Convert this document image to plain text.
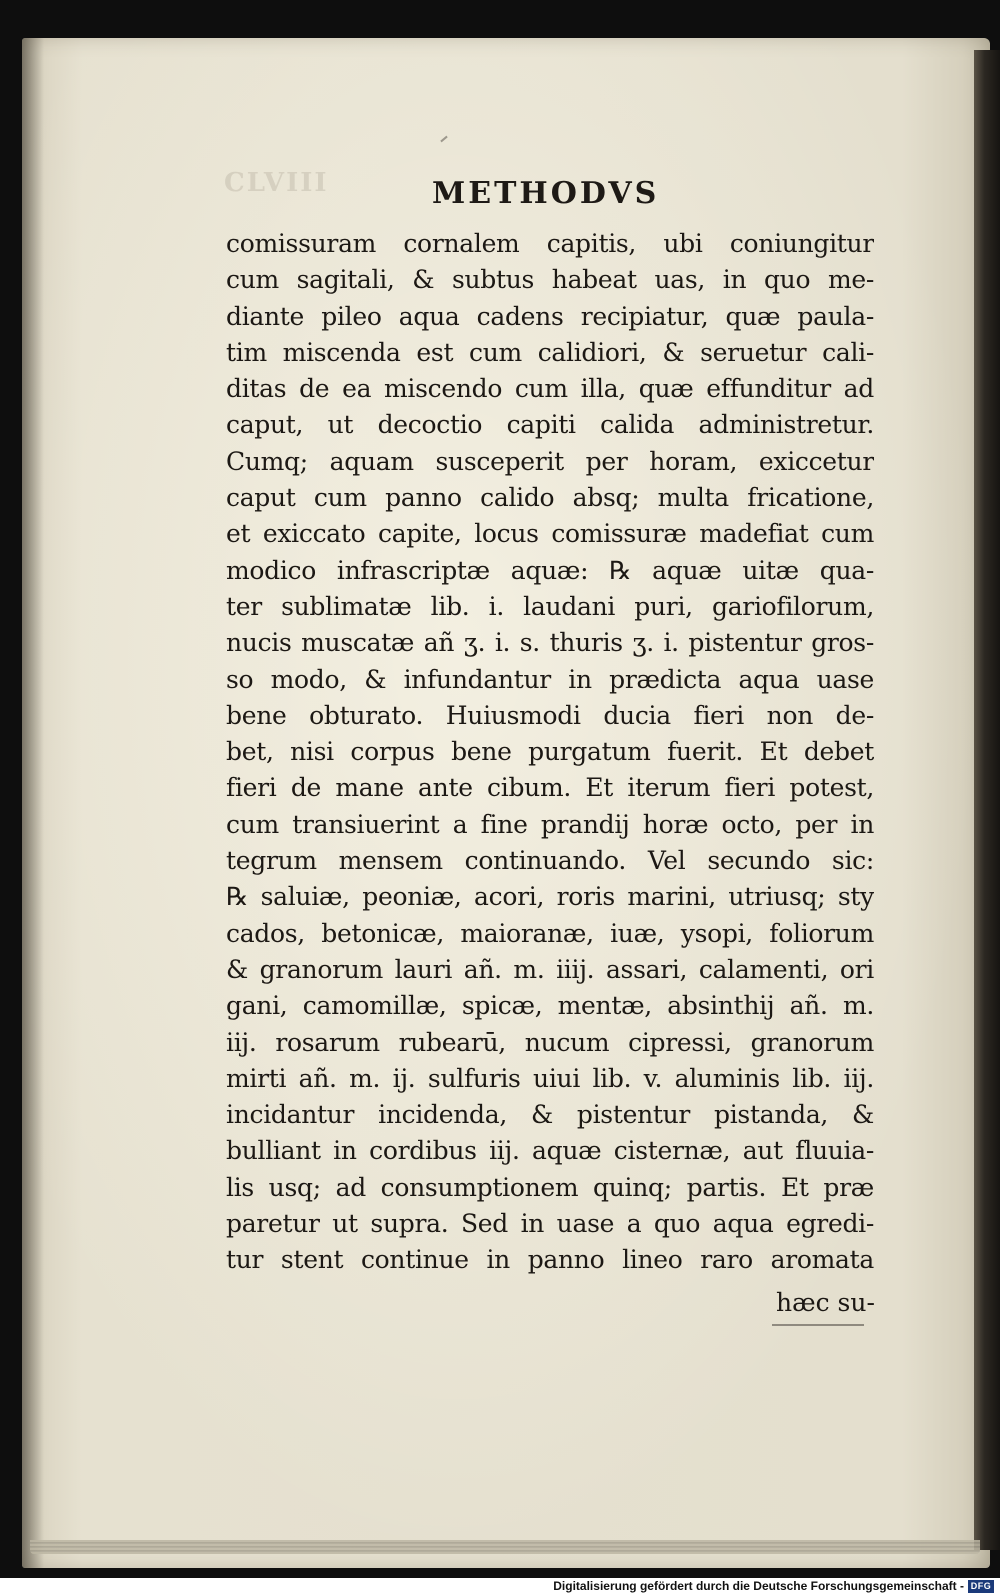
CLVIII	METHODVS
comissuram cornalem capitis, ubi coniungitur
cum sagitali, & subtus habeat uas, in quo me-
diante pileo aqua cadens recipiatur, quæ paula-
tim miscenda est cum calidiori, & seruetur cali-
ditas de ea miscendo cum illa, quæ effunditur ad
caput, ut decoctio capiti calida administretur.
Cumq; aquam susceperit per horam, exiccetur
caput cum panno calido absq; multa fricatione,
et exiccato capite, locus comissuræ madefiat cum
modico infrascriptæ aquæ: ℞ aquæ uitæ qua-
ter sublimatæ lib. i. laudani puri, gariofilorum,
nucis muscatæ añ ʒ. i. s. thuris ʒ. i. pistentur gros-
so modo, & infundantur in prædicta aqua uase
bene obturato. Huiusmodi ducia fieri non de-
bet, nisi corpus bene purgatum fuerit. Et debet
fieri de mane ante cibum. Et iterum fieri potest,
cum transiuerint a fine prandij horæ octo, per in
tegrum mensem continuando. Vel secundo sic:
℞ saluiæ, peoniæ, acori, roris marini, utriusq; sty
cados, betonicæ, maioranæ, iuæ, ysopi, foliorum
& granorum lauri añ. m. iiij. assari, calamenti, ori
gani, camomillæ, spicæ, mentæ, absinthij añ. m.
iij. rosarum rubearū, nucum cipressi, granorum
mirti añ. m. ij. sulfuris uiui lib. v. aluminis lib. iij.
incidantur incidenda, & pistentur pistanda, &
bulliant in cordibus iij. aquæ cisternæ, aut fluuia-
lis usq; ad consumptionem quinq; partis. Et præ
paretur ut supra. Sed in uase a quo aqua egredi-
tur stent continue in panno lineo raro aromata
hæc su-
Digitalisierung gefördert durch die Deutsche Forschungsgemeinschaft - DFG
